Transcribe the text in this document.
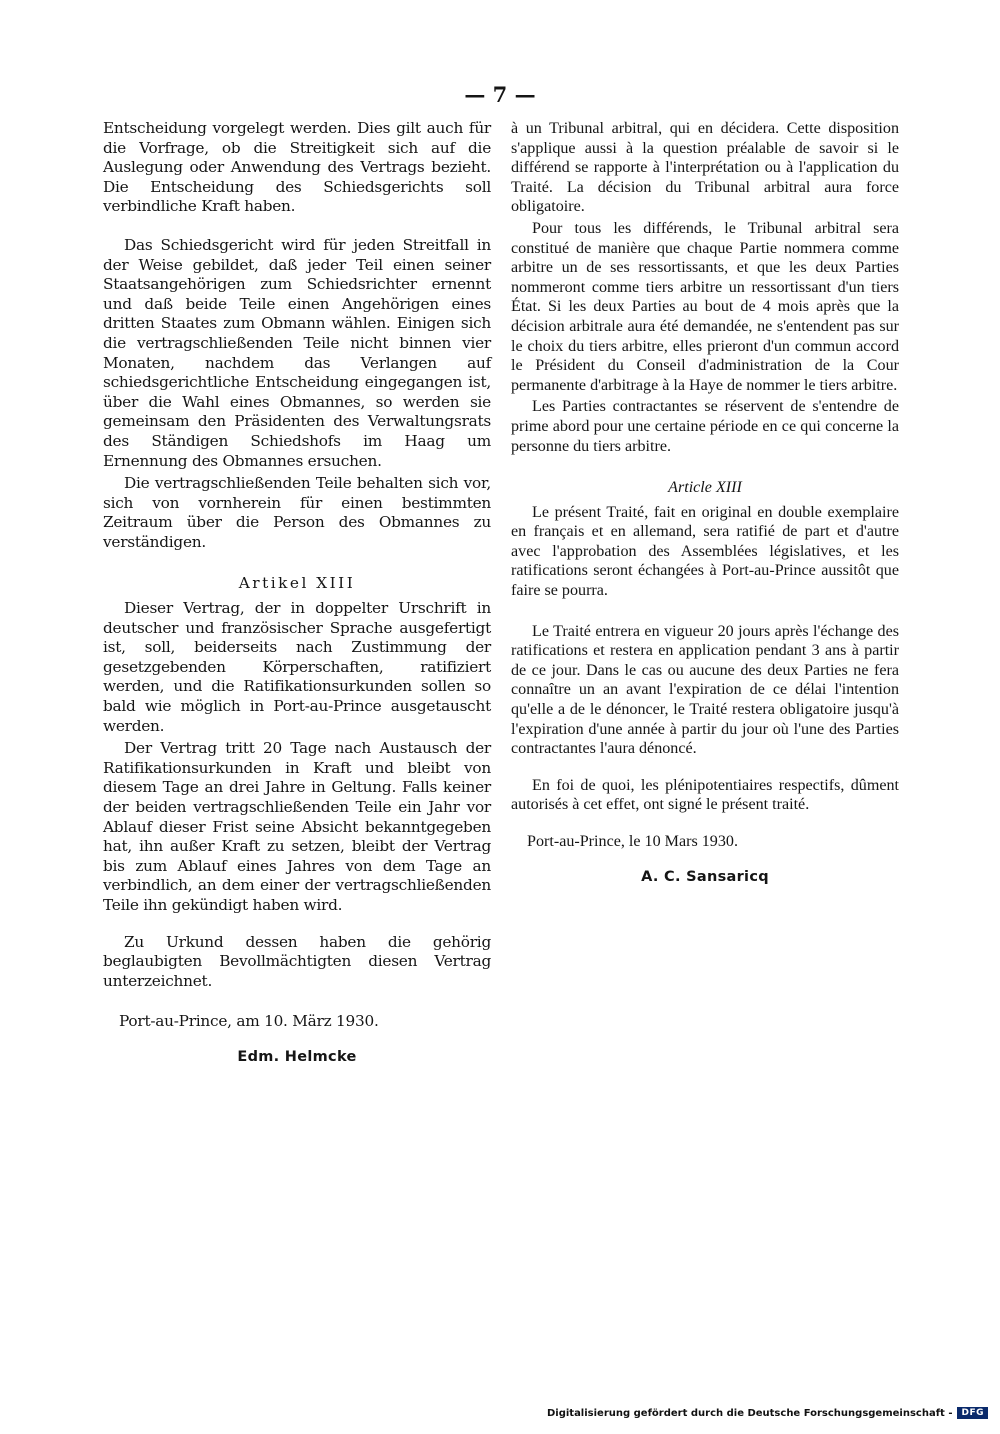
— 7 —

Entscheidung vorgelegt werden. Dies gilt auch für die Vorfrage, ob die Streitigkeit sich auf die Auslegung oder Anwendung des Vertrags bezieht. Die Entscheidung des Schiedsgerichts soll verbindliche Kraft haben.

Das Schiedsgericht wird für jeden Streitfall in der Weise gebildet, daß jeder Teil einen seiner Staatsangehörigen zum Schiedsrichter ernennt und daß beide Teile einen Angehörigen eines dritten Staates zum Obmann wählen. Einigen sich die vertragschließenden Teile nicht binnen vier Monaten, nachdem das Verlangen auf schiedsgerichtliche Entscheidung eingegangen ist, über die Wahl eines Obmannes, so werden sie gemeinsam den Präsidenten des Verwaltungsrats des Ständigen Schiedshofs im Haag um Ernennung des Obmannes ersuchen.

Die vertragschließenden Teile behalten sich vor, sich von vornherein für einen bestimmten Zeitraum über die Person des Obmannes zu verständigen.

Artikel XIII

Dieser Vertrag, der in doppelter Urschrift in deutscher und französischer Sprache ausgefertigt ist, soll, beiderseits nach Zustimmung der gesetzgebenden Körperschaften, ratifiziert werden, und die Ratifikationsurkunden sollen so bald wie möglich in Port-au-Prince ausgetauscht werden.

Der Vertrag tritt 20 Tage nach Austausch der Ratifikationsurkunden in Kraft und bleibt von diesem Tage an drei Jahre in Geltung. Falls keiner der beiden vertragschließenden Teile ein Jahr vor Ablauf dieser Frist seine Absicht bekanntgegeben hat, ihn außer Kraft zu setzen, bleibt der Vertrag bis zum Ablauf eines Jahres von dem Tage an verbindlich, an dem einer der vertragschließenden Teile ihn gekündigt haben wird.

Zu Urkund dessen haben die gehörig beglaubigten Bevollmächtigten diesen Vertrag unterzeichnet.

Port-au-Prince, am 10. März 1930.

Edm. Helmcke

à un Tribunal arbitral, qui en décidera. Cette disposition s'applique aussi à la question préalable de savoir si le différend se rapporte à l'interprétation ou à l'application du Traité. La décision du Tribunal arbitral aura force obligatoire.

Pour tous les différends, le Tribunal arbitral sera constitué de manière que chaque Partie nommera comme arbitre un de ses ressortissants, et que les deux Parties nommeront comme tiers arbitre un ressortissant d'un tiers État. Si les deux Parties au bout de 4 mois après que la décision arbitrale aura été demandée, ne s'entendent pas sur le choix du tiers arbitre, elles prieront d'un commun accord le Président du Conseil d'administration de la Cour permanente d'arbitrage à la Haye de nommer le tiers arbitre.

Les Parties contractantes se réservent de s'entendre de prime abord pour une certaine période en ce qui concerne la personne du tiers arbitre.

Article XIII

Le présent Traité, fait en original en double exemplaire en français et en allemand, sera ratifié de part et d'autre avec l'approbation des Assemblées législatives, et les ratifications seront échangées à Port-au-Prince aussitôt que faire se pourra.

Le Traité entrera en vigueur 20 jours après l'échange des ratifications et restera en application pendant 3 ans à partir de ce jour. Dans le cas ou aucune des deux Parties ne fera connaître un an avant l'expiration de ce délai l'intention qu'elle a de le dénoncer, le Traité restera obligatoire jusqu'à l'expiration d'une année à partir du jour où l'une des Parties contractantes l'aura dénoncé.

En foi de quoi, les plénipotentiaires respectifs, dûment autorisés à cet effet, ont signé le présent traité.

Port-au-Prince, le 10 Mars 1930.

A. C. Sansaricq

Digitalisierung gefördert durch die Deutsche Forschungsgemeinschaft -	DFG
